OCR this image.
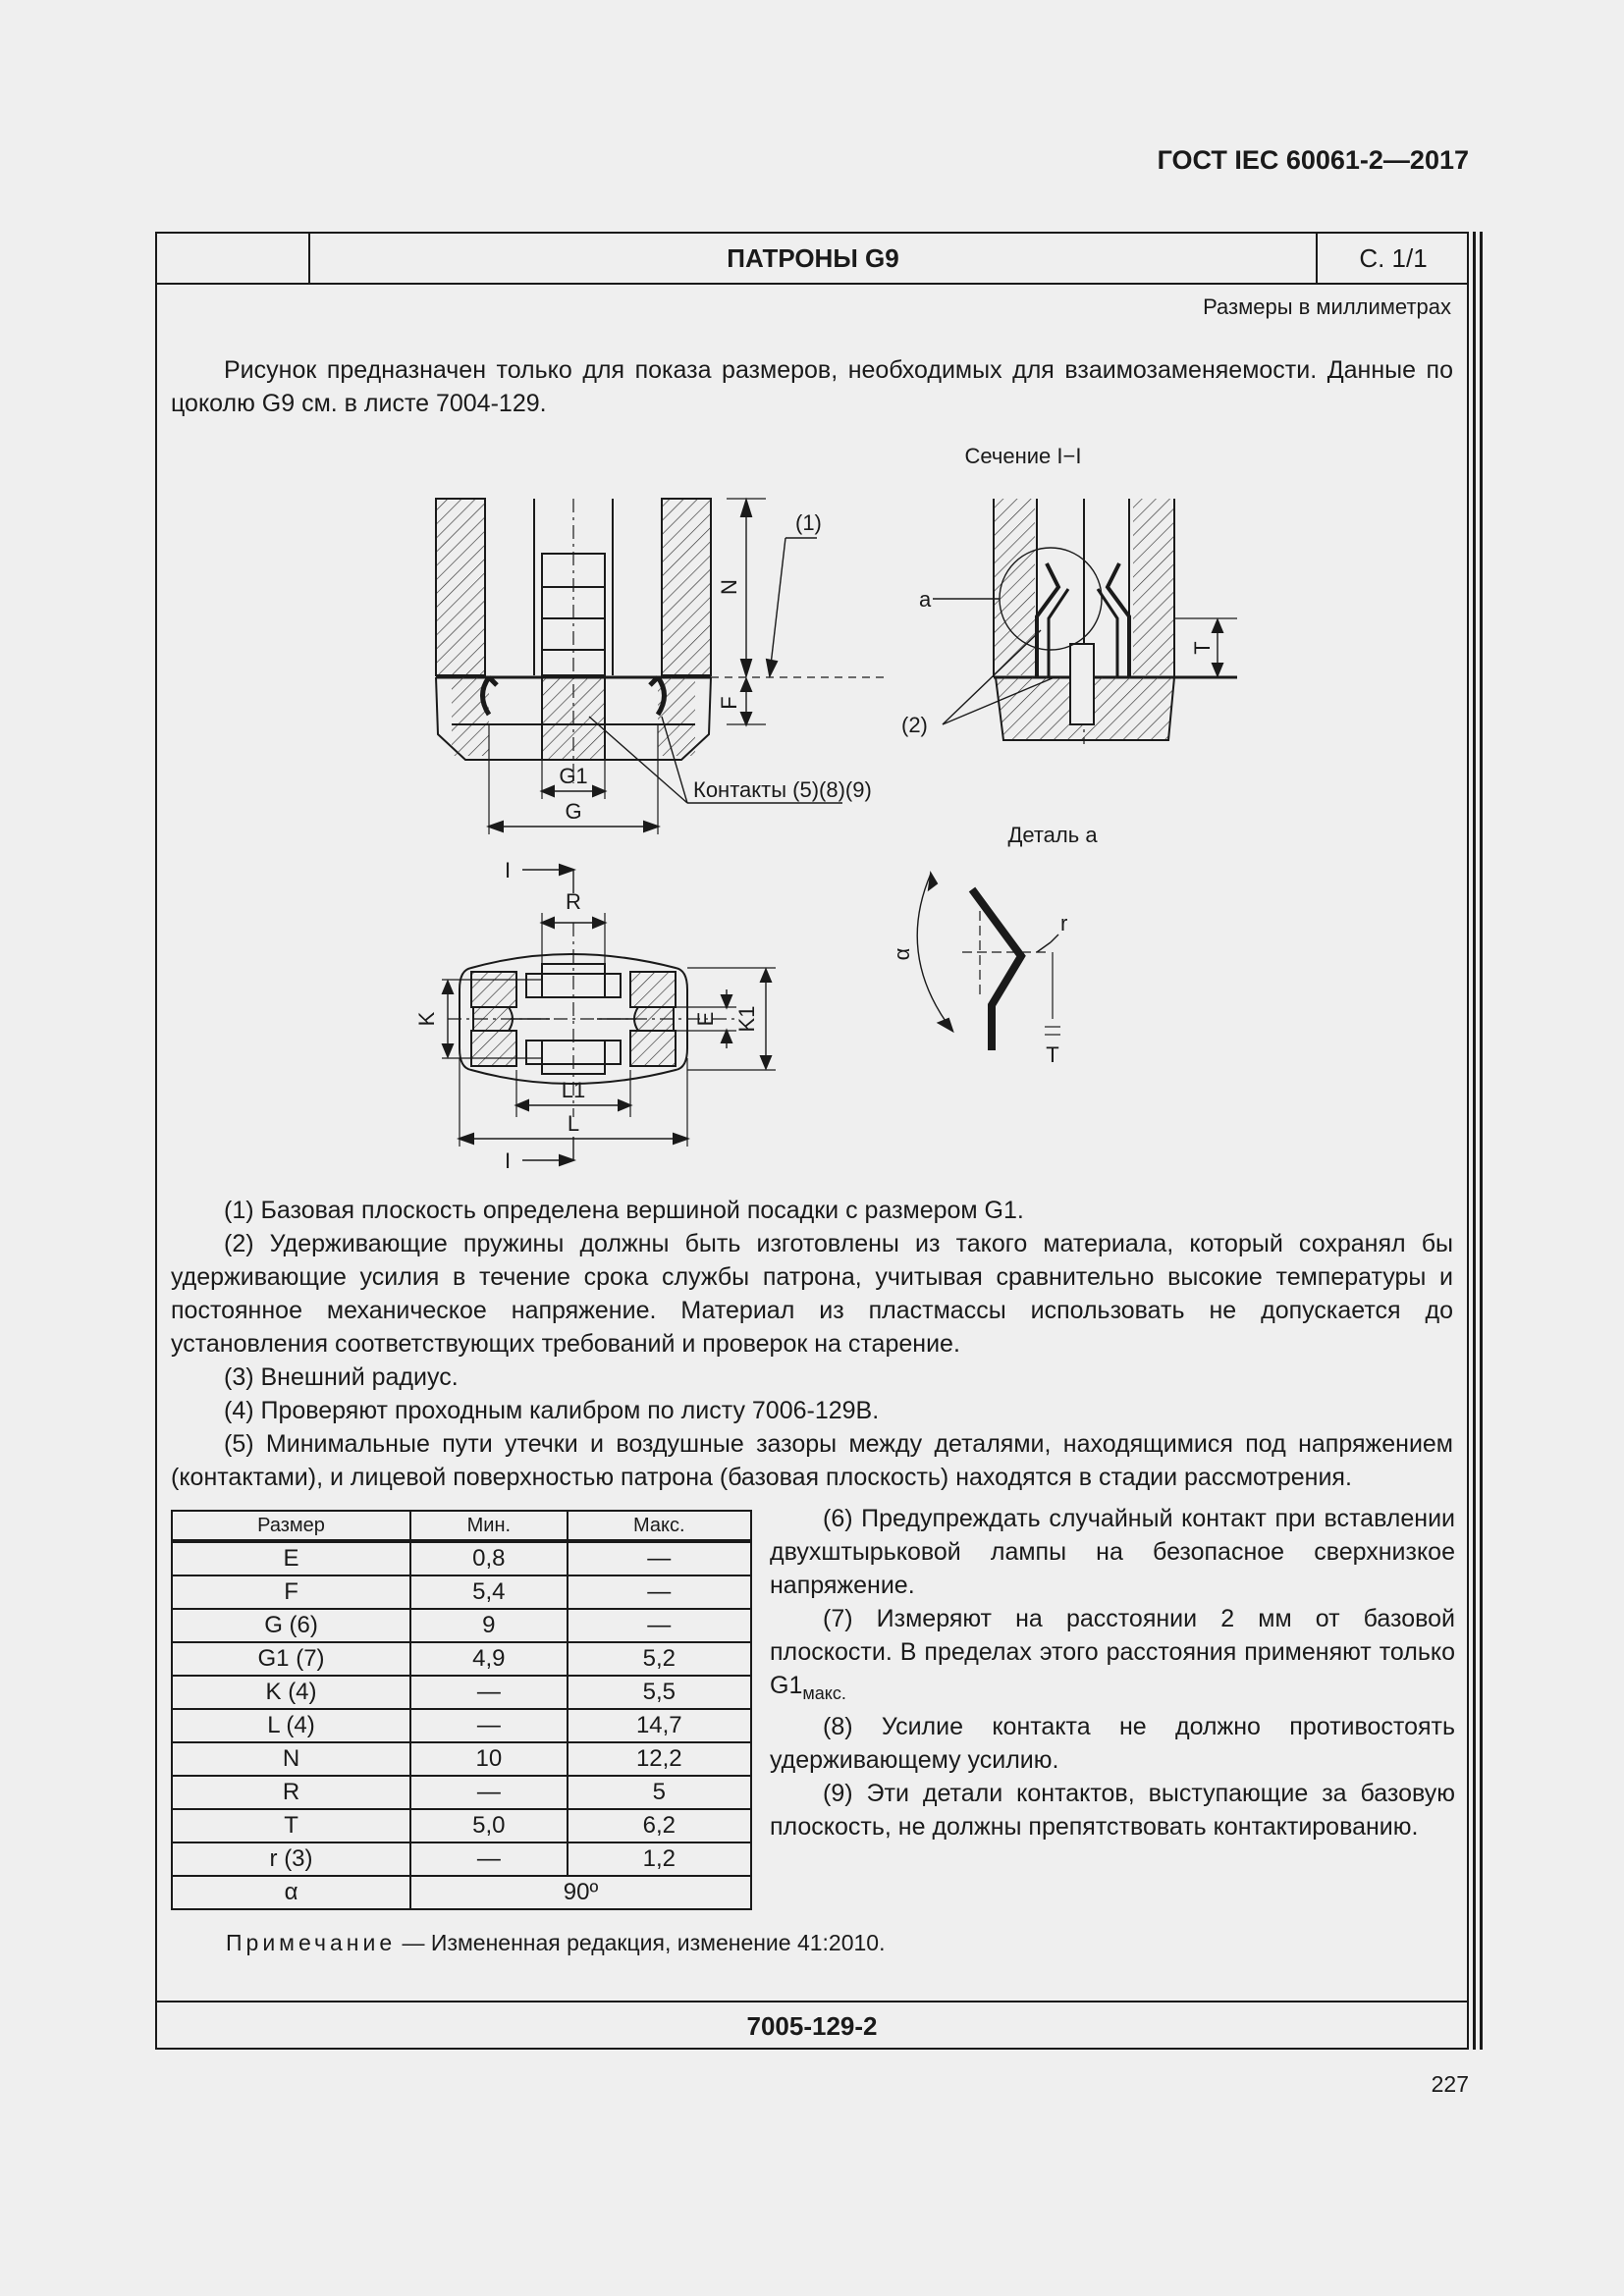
ГОСТ IEC 60061-2—2017
ПАТРОНЫ G9	С. 1/1
Размеры в миллиметрах
Рисунок предназначен только для показа размеров, необходимых для взаимозаменяемости. Данные по цоколю G9 см. в листе 7004-129.
N
F
(1)
G1
G
Контакты (5)(8)(9)
Сечение I−I
a
T
(2)
R
K	E K1
L1
L
I
I
Деталь а
r
α
T

(1) Базовая плоскость определена вершиной посадки с размером G1.

(2) Удерживающие пружины должны быть изготовлены из такого материала, который сохранял бы удерживающие усилия в течение срока службы патрона, учитывая сравнительно высокие температуры и постоянное механическое напряжение. Материал из пластмассы использовать не допускается до установления соответствующих требований и проверок на старение.

(3) Внешний радиус.

(4) Проверяют проходным калибром по листу 7006-129B.

(5) Минимальные пути утечки и воздушные зазоры между деталями, находящимися под напряжением (контактами), и лицевой поверхностью патрона (базовая плоскость) находятся в стадии рассмотрения.

Размер	Мин.	Макс.
E	0,8	—
F	5,4	—
G (6)	9	—
G1 (7)	4,9	5,2
K (4)	—	5,5
L (4)	—	14,7
N	10	12,2
R	—	5
T	5,0	6,2
r (3)	—	1,2
α	90º	

(6) Предупреждать случайный контакт при вставлении двухштырьковой лампы на безопасное сверхнизкое напряжение.

(7) Измеряют на расстоянии 2 мм от базовой плоскости. В пределах этого расстояния применяют только $G1_{макс.}$

(8) Усилие контакта не должно противостоять удерживающему усилию.

(9) Эти детали контактов, выступающие за базовую плоскость, не должны препятствовать контактированию.

Примечание — Измененная редакция, изменение 41:2010.
7005-129-2
227
